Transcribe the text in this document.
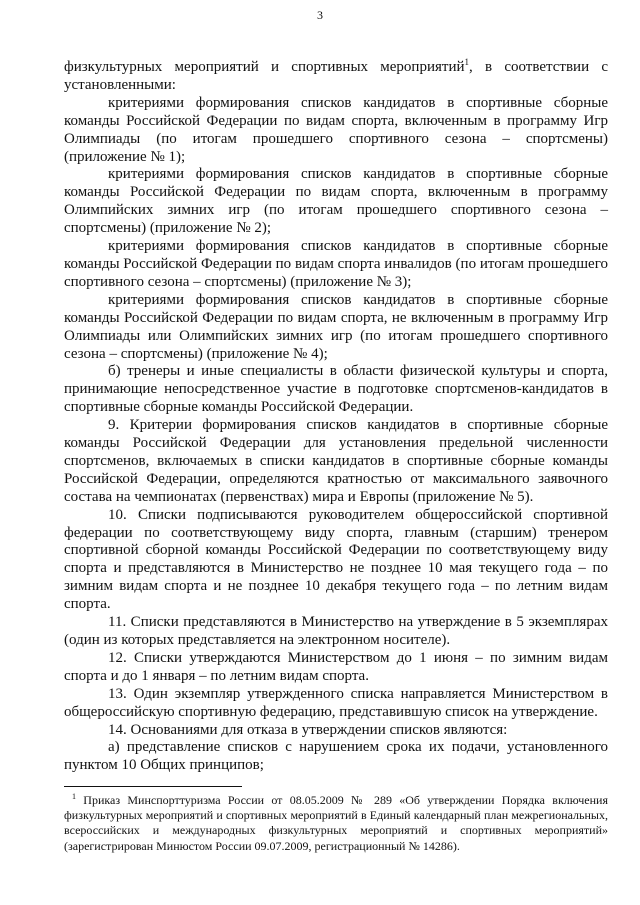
3

физкультурных мероприятий и спортивных мероприятий$^1$, в соответствии с установленными:

критериями формирования списков кандидатов в спортивные сборные команды Российской Федерации по видам спорта, включенным в программу Игр Олимпиады (по итогам прошедшего спортивного сезона – спортсмены) (приложение № 1);

критериями формирования списков кандидатов в спортивные сборные команды Российской Федерации по видам спорта, включенным в программу Олимпийских зимних игр (по итогам прошедшего спортивного сезона – спортсмены) (приложение № 2);

критериями формирования списков кандидатов в спортивные сборные команды Российской Федерации по видам спорта инвалидов (по итогам прошедшего спортивного сезона – спортсмены) (приложение № 3);

критериями формирования списков кандидатов в спортивные сборные команды Российской Федерации по видам спорта, не включенным в программу Игр Олимпиады или Олимпийских зимних игр (по итогам прошедшего спортивного сезона – спортсмены) (приложение № 4);

б) тренеры и иные специалисты в области физической культуры и спорта, принимающие непосредственное участие в подготовке спортсменов-кандидатов в спортивные сборные команды Российской Федерации.

9. Критерии формирования списков кандидатов в спортивные сборные команды Российской Федерации для установления предельной численности спортсменов, включаемых в списки кандидатов в спортивные сборные команды Российской Федерации, определяются кратностью от максимального заявочного состава на чемпионатах (первенствах) мира и Европы (приложение № 5).

10. Списки подписываются руководителем общероссийской спортивной федерации по соответствующему виду спорта, главным (старшим) тренером спортивной сборной команды Российской Федерации по соответствующему виду спорта и представляются в Министерство не позднее 10 мая текущего года – по зимним видам спорта и не позднее 10 декабря текущего года – по летним видам спорта.

11. Списки представляются в Министерство на утверждение в 5 экземплярах (один из которых представляется на электронном носителе).

12. Списки утверждаются Министерством до 1 июня – по зимним видам спорта и до 1 января – по летним видам спорта.

13. Один экземпляр утвержденного списка направляется Министерством в общероссийскую спортивную федерацию, представившую список на утверждение.

14. Основаниями для отказа в утверждении списков являются:

а) представление списков с нарушением срока их подачи, установленного пунктом 10 Общих принципов;

$^1$ Приказ Минспорттуризма России от 08.05.2009 № 289 «Об утверждении Порядка включения физкультурных мероприятий и спортивных мероприятий в Единый календарный план межрегиональных, всероссийских и международных физкультурных мероприятий и спортивных мероприятий» (зарегистрирован Минюстом России 09.07.2009, регистрационный № 14286).
